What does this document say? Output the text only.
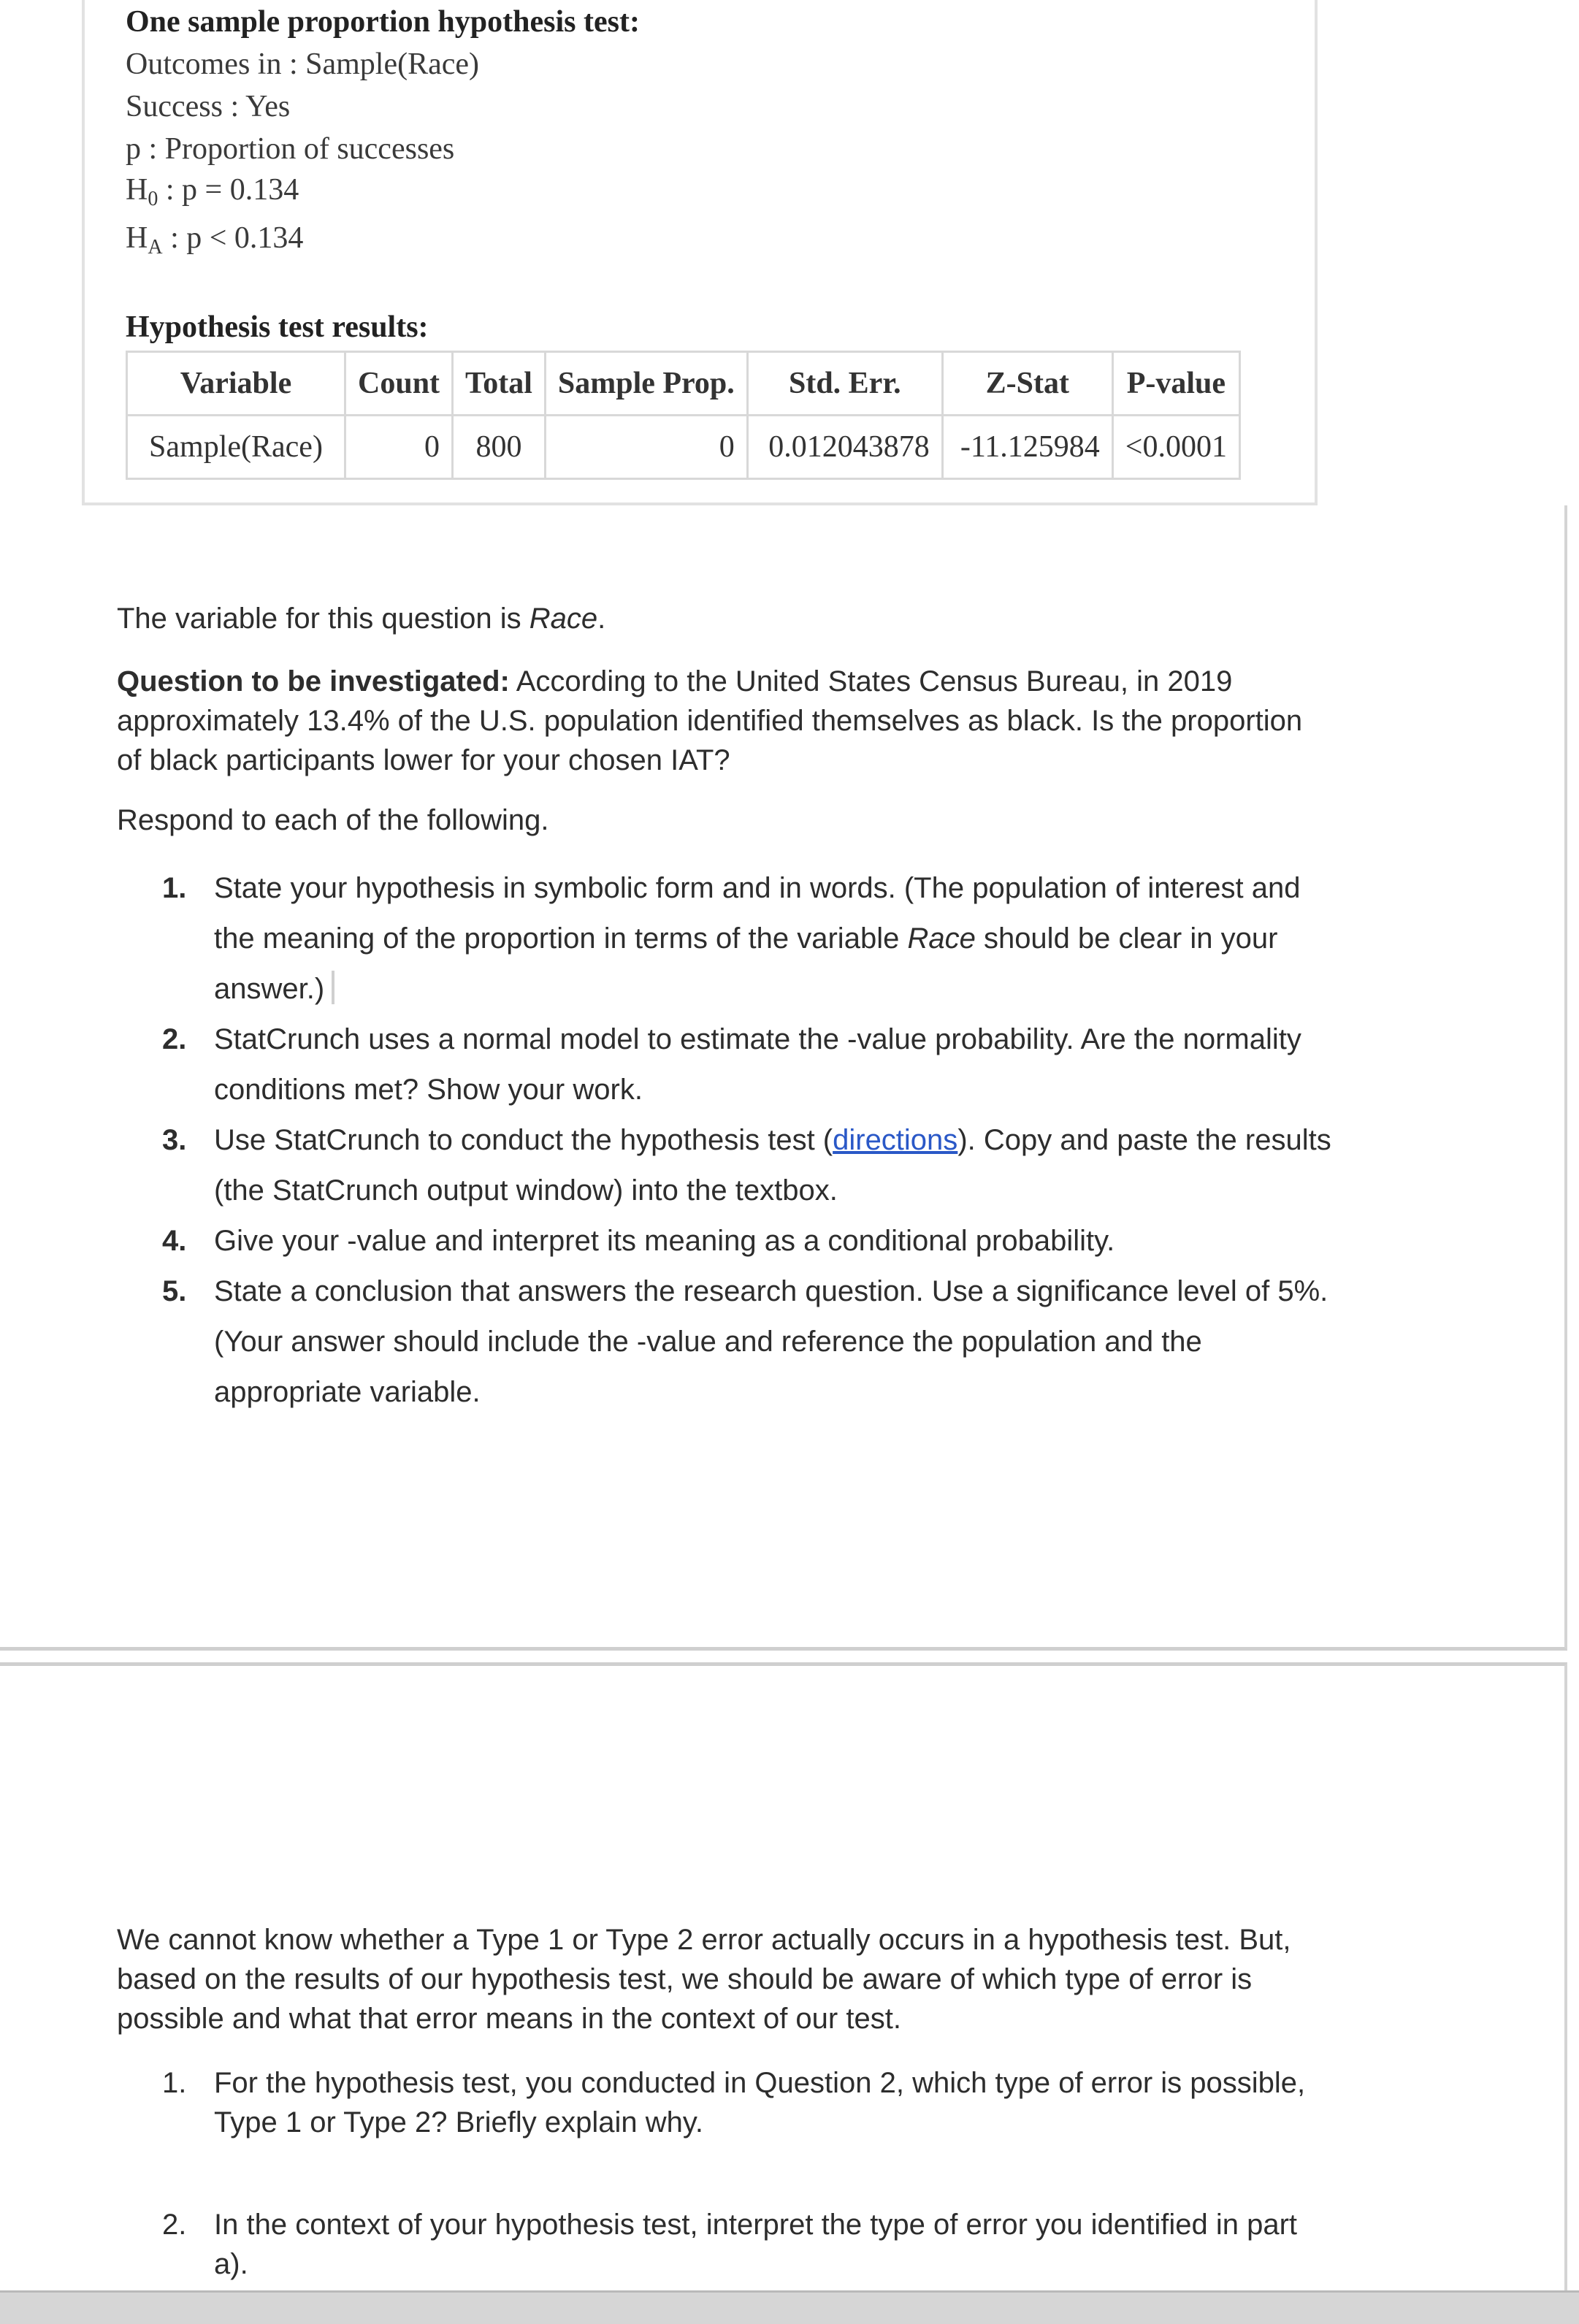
One sample proportion hypothesis test:
Outcomes in : Sample(Race)
Success : Yes
p : Proportion of successes
$H_0$ : p = 0.134
$H_A$ : p < 0.134
Hypothesis test results:
Variable	Count	Total	Sample Prop.	Std. Err.	Z-Stat	P-value
Sample(Race)	0	800	0	0.012043878	-11.125984	<0.0001
The variable for this question is Race.
Question to be investigated: According to the United States Census Bureau, in 2019
approximately 13.4% of the U.S. population identified themselves as black. Is the proportion
of black participants lower for your chosen IAT?
Respond to each of the following.
1. State your hypothesis in symbolic form and in words. (The population of interest and
the meaning of the proportion in terms of the variable Race should be clear in your
answer.)
2. StatCrunch uses a normal model to estimate the -value probability. Are the normality
conditions met? Show your work.
3. Use StatCrunch to conduct the hypothesis test (directions). Copy and paste the results
(the StatCrunch output window) into the textbox.
4. Give your -value and interpret its meaning as a conditional probability.
5. State a conclusion that answers the research question. Use a significance level of 5%.
(Your answer should include the -value and reference the population and the
appropriate variable.
We cannot know whether a Type 1 or Type 2 error actually occurs in a hypothesis test. But,
based on the results of our hypothesis test, we should be aware of which type of error is
possible and what that error means in the context of our test.
1. For the hypothesis test, you conducted in Question 2, which type of error is possible,
Type 1 or Type 2? Briefly explain why.
2. In the context of your hypothesis test, interpret the type of error you identified in part
a).
